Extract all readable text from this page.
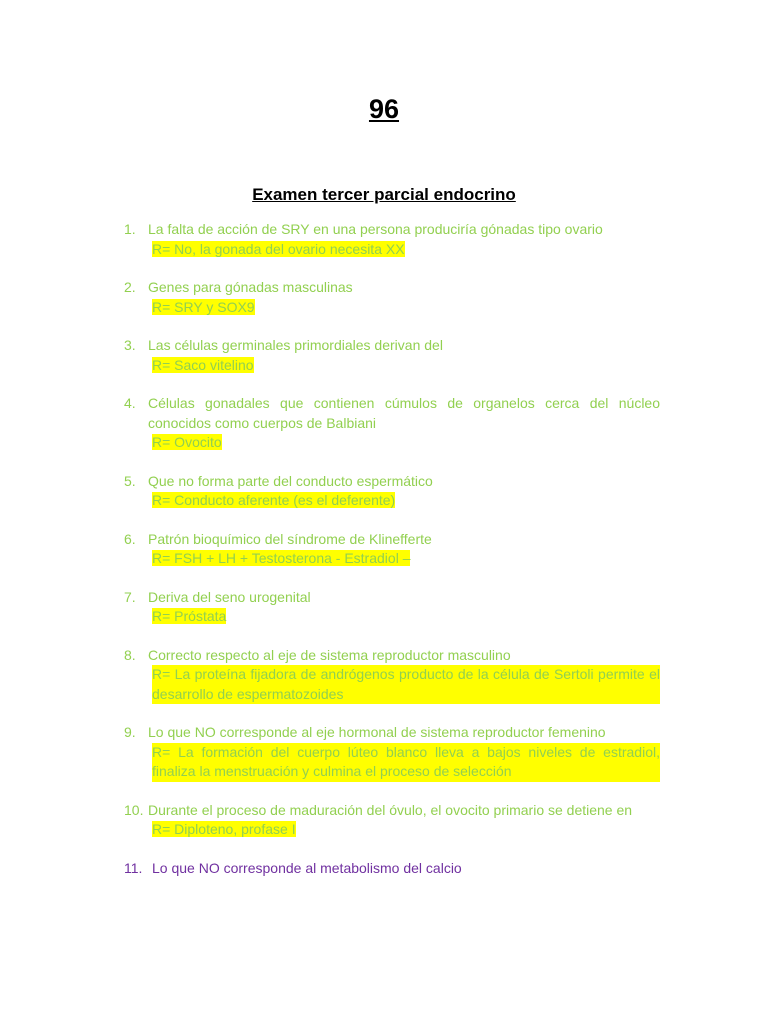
96
Examen tercer parcial endocrino
1. La falta de acción de SRY en una persona produciría gónadas tipo ovario
R= No, la gonada del ovario necesita XX
2. Genes para gónadas masculinas
R= SRY y SOX9
3. Las células germinales primordiales derivan del
R= Saco vitelino
4. Células gonadales que contienen cúmulos de organelos cerca del núcleo conocidos como cuerpos de Balbiani
R= Ovocito
5. Que no forma parte del conducto espermático
R= Conducto aferente (es el deferente)
6. Patrón bioquímico del síndrome de Klinefferte
R= FSH + LH + Testosterona - Estradiol –
7. Deriva del seno urogenital
R= Próstata
8. Correcto respecto al eje de sistema reproductor masculino
R= La proteína fijadora de andrógenos producto de la célula de Sertoli permite el desarrollo de espermatozoides
9. Lo que NO corresponde al eje hormonal de sistema reproductor femenino
R= La formación del cuerpo lúteo blanco lleva a bajos niveles de estradiol, finaliza la menstruación y culmina el proceso de selección
10. Durante el proceso de maduración del óvulo, el ovocito primario se detiene en
R= Diploteno, profase I
11. Lo que NO corresponde al metabolismo del calcio
